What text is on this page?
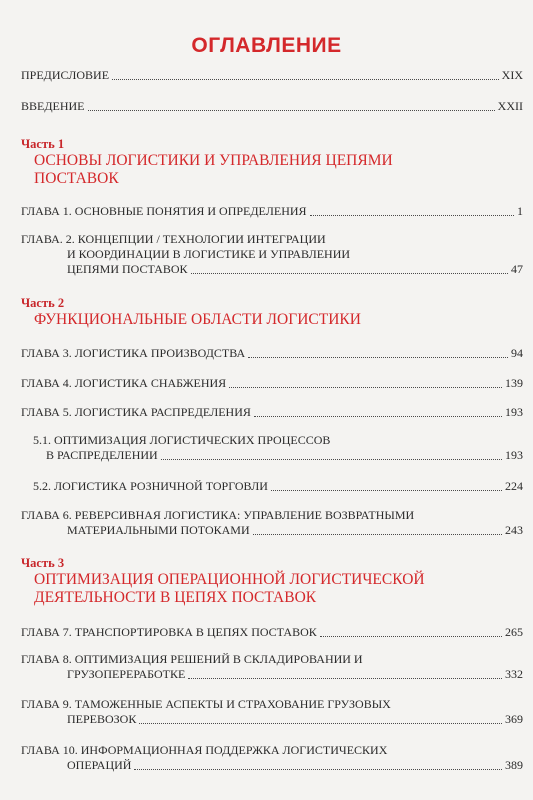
ОГЛАВЛЕНИЕ
ПРЕДИСЛОВИЕ	XIX
ВВЕДЕНИЕ	XXII
Часть 1
ОСНОВЫ ЛОГИСТИКИ И УПРАВЛЕНИЯ ЦЕПЯМИ
ПОСТАВОК
ГЛАВА 1. ОСНОВНЫЕ ПОНЯТИЯ И ОПРЕДЕЛЕНИЯ	1
ГЛАВА. 2. КОНЦЕПЦИИ / ТЕХНОЛОГИИ ИНТЕГРАЦИИ
И КООРДИНАЦИИ В ЛОГИСТИКЕ И УПРАВЛЕНИИ
ЦЕПЯМИ ПОСТАВОК	47
Часть 2
ФУНКЦИОНАЛЬНЫЕ ОБЛАСТИ ЛОГИСТИКИ
ГЛАВА 3. ЛОГИСТИКА ПРОИЗВОДСТВА	94
ГЛАВА 4. ЛОГИСТИКА СНАБЖЕНИЯ	139
ГЛАВА 5. ЛОГИСТИКА РАСПРЕДЕЛЕНИЯ	193
5.1. ОПТИМИЗАЦИЯ ЛОГИСТИЧЕСКИХ ПРОЦЕССОВ
В РАСПРЕДЕЛЕНИИ	193
5.2. ЛОГИСТИКА РОЗНИЧНОЙ ТОРГОВЛИ	224
ГЛАВА 6. РЕВЕРСИВНАЯ ЛОГИСТИКА: УПРАВЛЕНИЕ ВОЗВРАТНЫМИ
МАТЕРИАЛЬНЫМИ ПОТОКАМИ	243
Часть 3
ОПТИМИЗАЦИЯ ОПЕРАЦИОННОЙ ЛОГИСТИЧЕСКОЙ
ДЕЯТЕЛЬНОСТИ В ЦЕПЯХ ПОСТАВОК
ГЛАВА 7. ТРАНСПОРТИРОВКА В ЦЕПЯХ ПОСТАВОК	265
ГЛАВА 8. ОПТИМИЗАЦИЯ РЕШЕНИЙ В СКЛАДИРОВАНИИ И
ГРУЗОПЕРЕРАБОТКЕ	332
ГЛАВА 9. ТАМОЖЕННЫЕ АСПЕКТЫ И СТРАХОВАНИЕ ГРУЗОВЫХ
ПЕРЕВОЗОК	369
ГЛАВА 10. ИНФОРМАЦИОННАЯ ПОДДЕРЖКА ЛОГИСТИЧЕСКИХ
ОПЕРАЦИЙ	389
